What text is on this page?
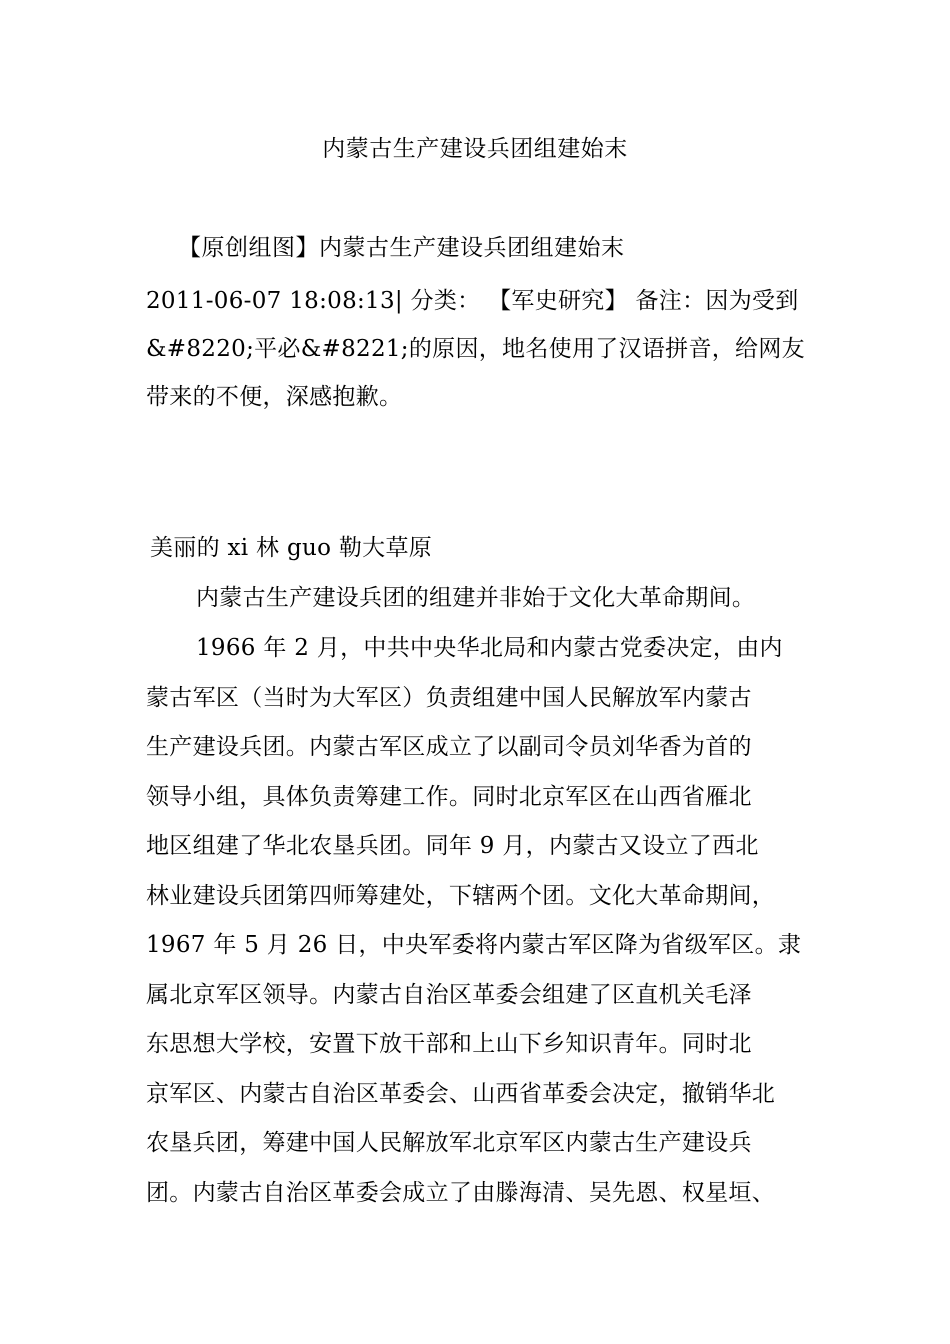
内蒙古生产建设兵团组建始末
【原创组图】内蒙古生产建设兵团组建始末
2011-06-07 18:08:13| 分类： 【军史研究】 备注：因为受到
&#8220;平必&#8221;的原因，地名使用了汉语拼音，给网友
带来的不便，深感抱歉。
美丽的 xi 林 guo 勒大草原
内蒙古生产建设兵团的组建并非始于文化大革命期间。
1966 年 2 月，中共中央华北局和内蒙古党委决定，由内
蒙古军区（当时为大军区）负责组建中国人民解放军内蒙古
生产建设兵团。内蒙古军区成立了以副司令员刘华香为首的
领导小组，具体负责筹建工作。同时北京军区在山西省雁北
地区组建了华北农垦兵团。同年 9 月，内蒙古又设立了西北
林业建设兵团第四师筹建处，下辖两个团。文化大革命期间，
1967 年 5 月 26 日，中央军委将内蒙古军区降为省级军区。隶
属北京军区领导。内蒙古自治区革委会组建了区直机关毛泽
东思想大学校，安置下放干部和上山下乡知识青年。同时北
京军区、内蒙古自治区革委会、山西省革委会决定，撤销华北
农垦兵团，筹建中国人民解放军北京军区内蒙古生产建设兵
团。内蒙古自治区革委会成立了由滕海清、吴先恩、权星垣、
